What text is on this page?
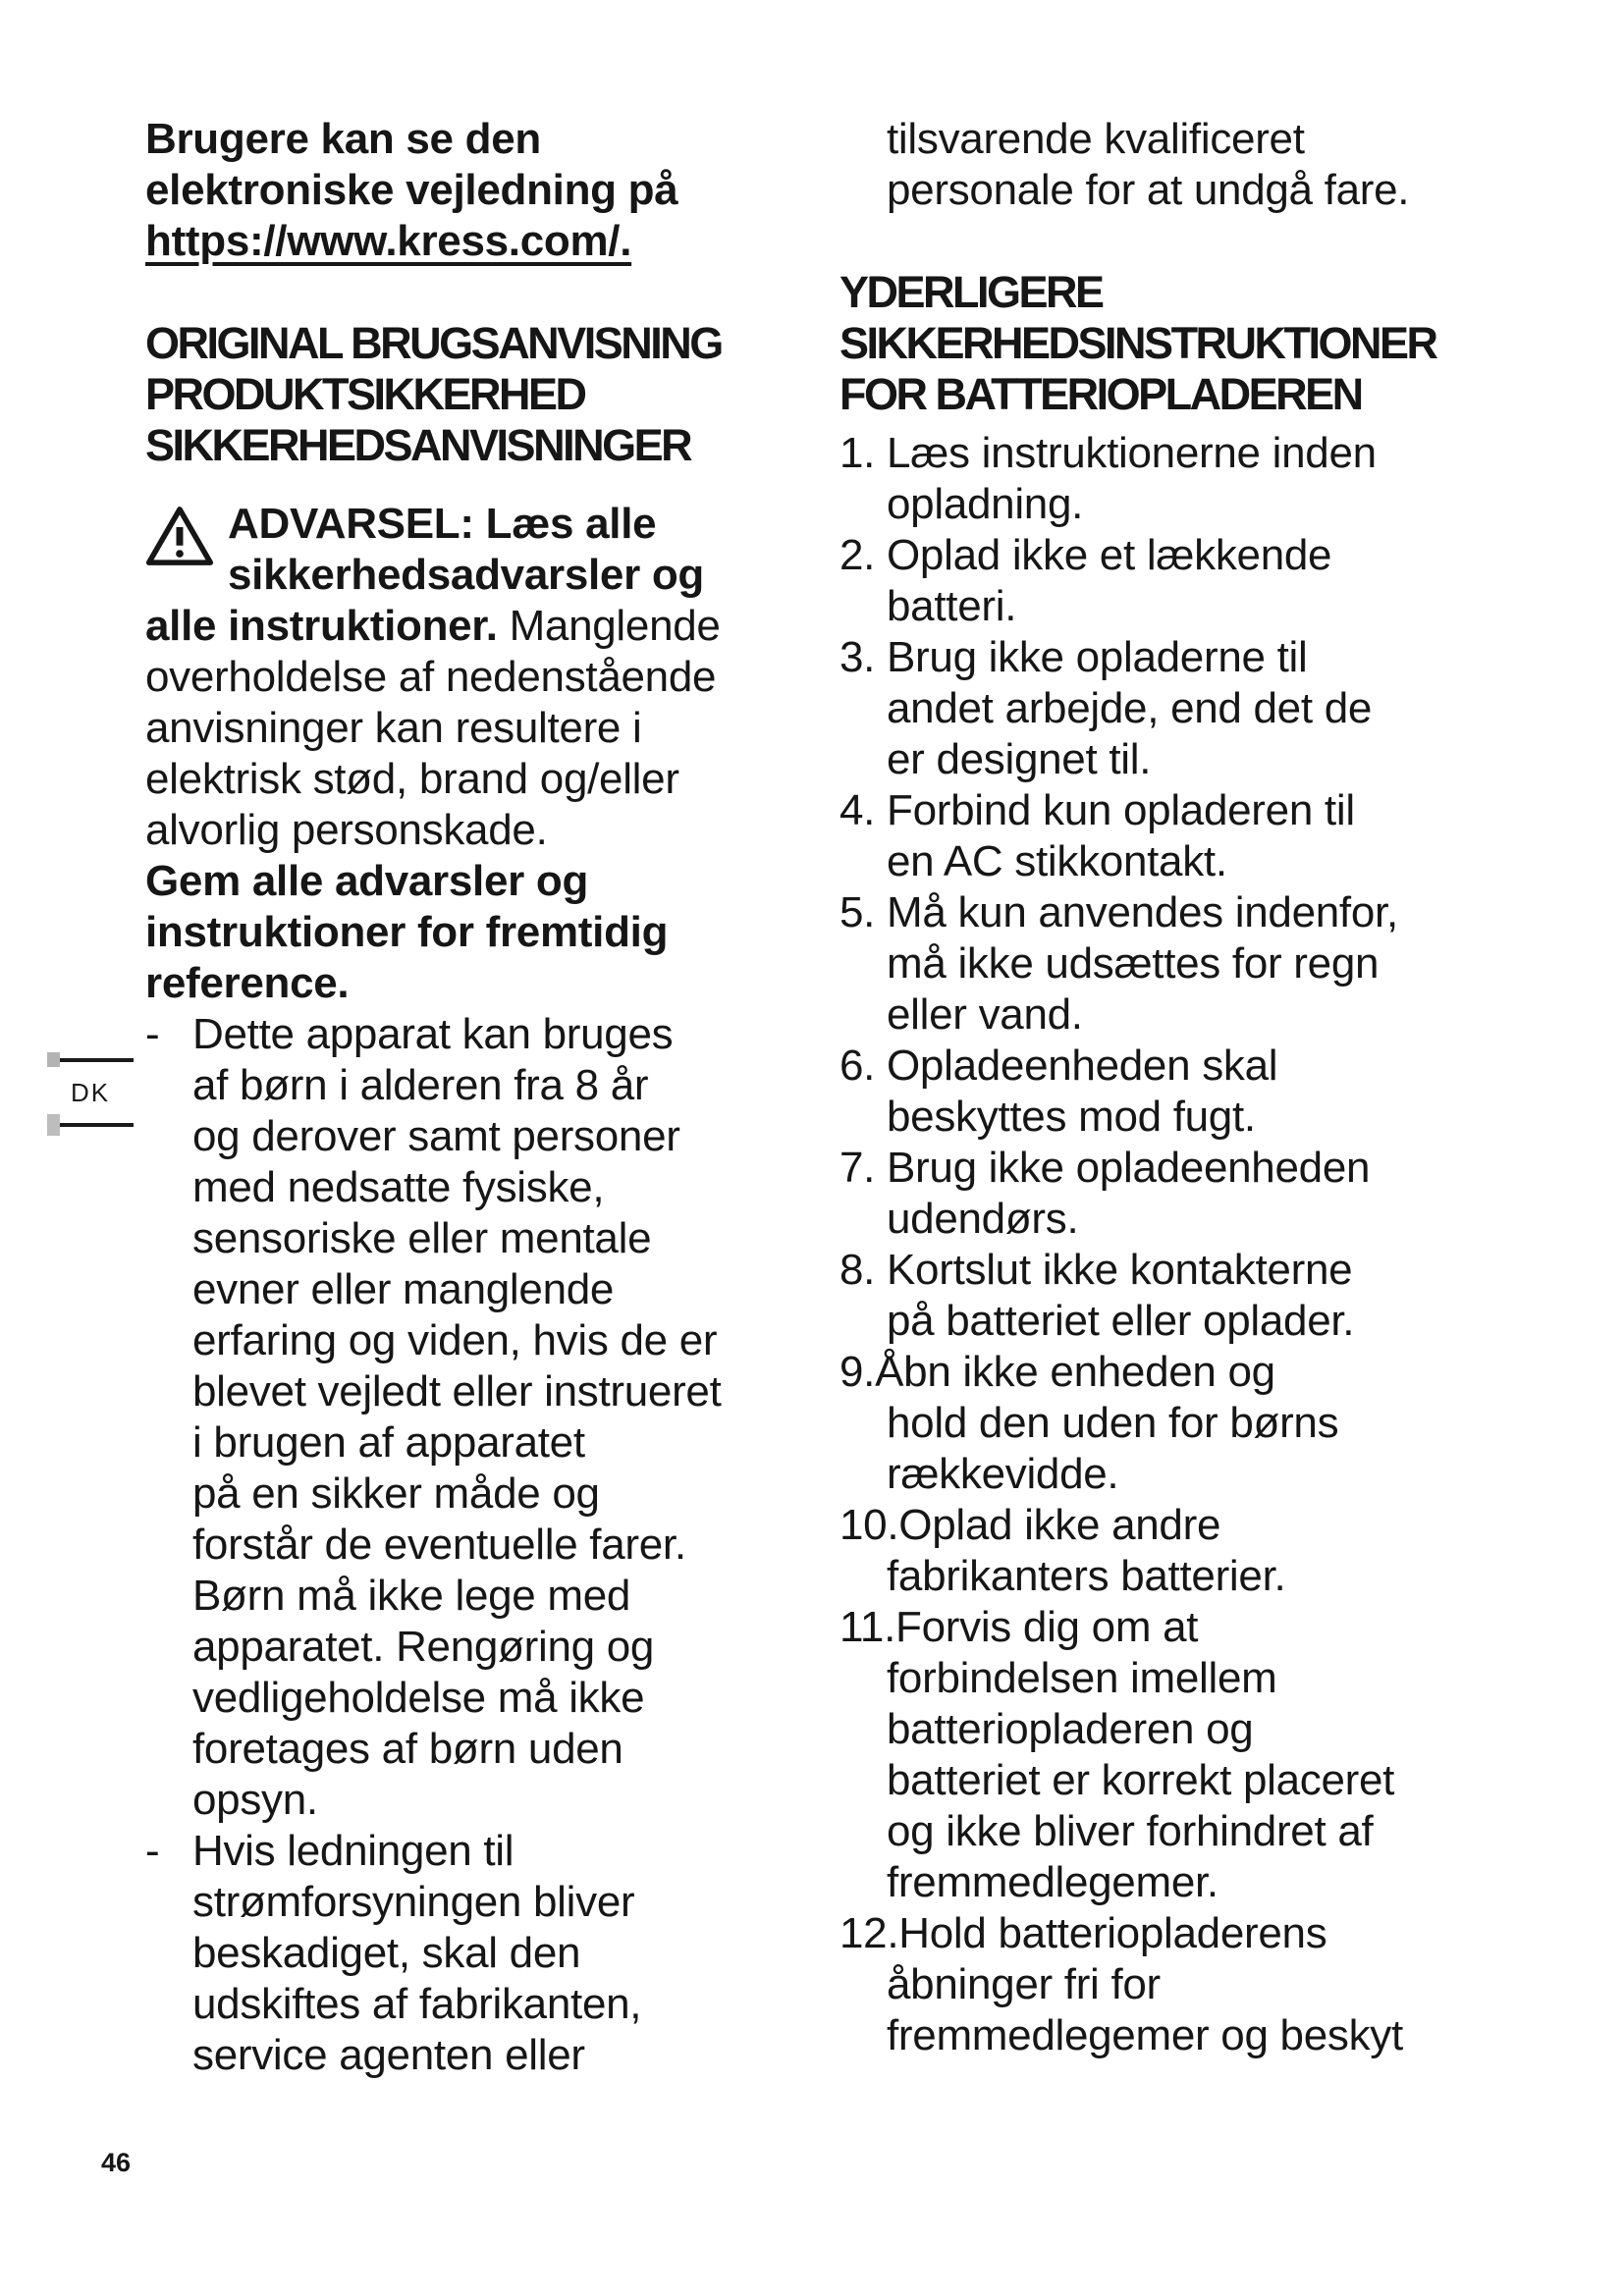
DK
Brugere kan se den
elektroniske vejledning på
https://www.kress.com/.
ORIGINAL BRUGSANVISNING
PRODUKTSIKKERHED
SIKKERHEDSANVISNINGER
ADVARSEL: Læs alle
sikkerhedsadvarsler og
alle instruktioner. Manglende
overholdelse af nedenstående
anvisninger kan resultere i
elektrisk stød, brand og/eller
alvorlig personskade.
Gem alle advarsler og
instruktioner for fremtidig
reference.
- Dette apparat kan bruges
af børn i alderen fra 8 år
og derover samt personer
med nedsatte fysiske,
sensoriske eller mentale
evner eller manglende
erfaring og viden, hvis de er
blevet vejledt eller instrueret
i brugen af apparatet
på en sikker måde og
forstår de eventuelle farer.
Børn må ikke lege med
apparatet. Rengøring og
vedligeholdelse må ikke
foretages af børn uden
opsyn.
- Hvis ledningen til
strømforsyningen bliver
beskadiget, skal den
udskiftes af fabrikanten,
service agenten eller
tilsvarende kvalificeret
personale for at undgå fare.
YDERLIGERE
SIKKERHEDSINSTRUKTIONER
FOR BATTERIOPLADEREN
1. Læs instruktionerne inden
opladning.
2. Oplad ikke et lækkende
batteri.
3. Brug ikke opladerne til
andet arbejde, end det de
er designet til.
4. Forbind kun opladeren til
en AC stikkontakt.
5. Må kun anvendes indenfor,
må ikke udsættes for regn
eller vand.
6. Opladeenheden skal
beskyttes mod fugt.
7. Brug ikke opladeenheden
udendørs.
8. Kortslut ikke kontakterne
på batteriet eller oplader.
9.Åbn ikke enheden og
hold den uden for børns
rækkevidde.
10.Oplad ikke andre
fabrikanters batterier.
11.Forvis dig om at
forbindelsen imellem
batteriopladeren og
batteriet er korrekt placeret
og ikke bliver forhindret af
fremmedlegemer.
12.Hold batteriopladerens
åbninger fri for
fremmedlegemer og beskyt
46
